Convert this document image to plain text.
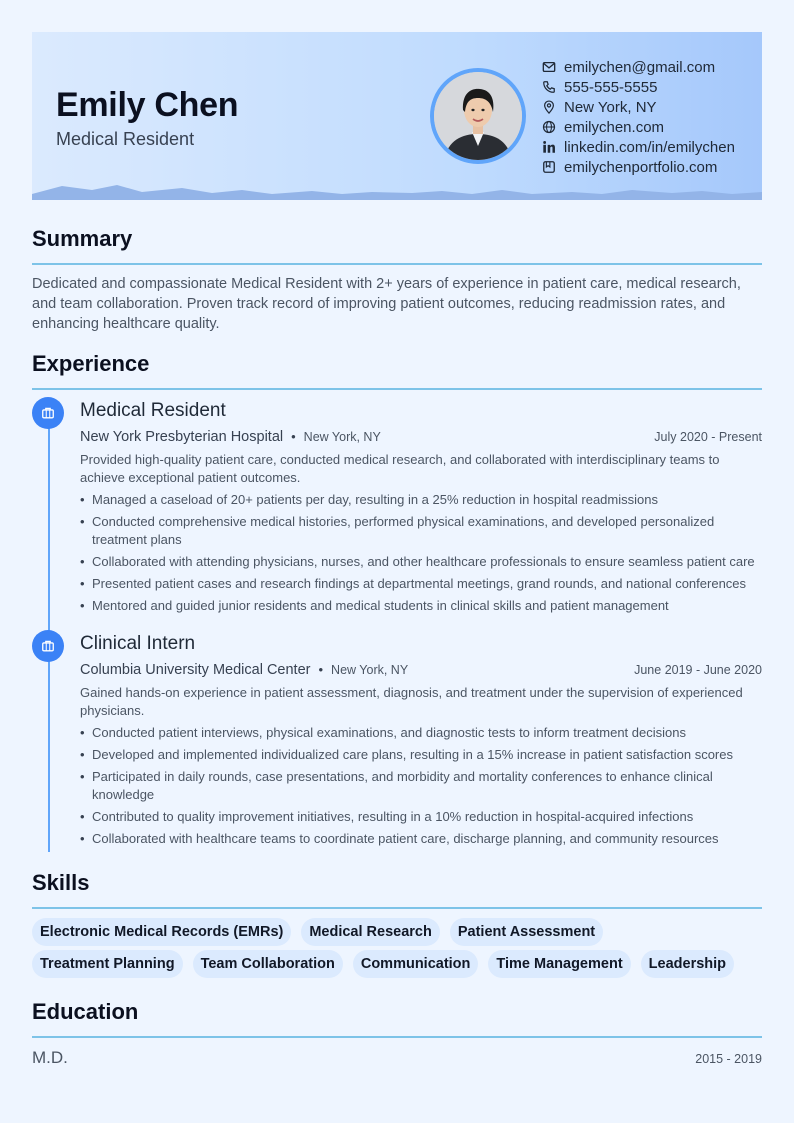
Emily Chen
Medical Resident
emilychen@gmail.com
555-555-5555
New York, NY
emilychen.com
linkedin.com/in/emilychen
emilychenportfolio.com
Summary
Dedicated and compassionate Medical Resident with 2+ years of experience in patient care, medical research, and team collaboration. Proven track record of improving patient outcomes, reducing readmission rates, and enhancing healthcare quality.
Experience
Medical Resident
New York Presbyterian Hospital • New York, NY	July 2020 - Present
Provided high-quality patient care, conducted medical research, and collaborated with interdisciplinary teams to achieve exceptional patient outcomes.
• Managed a caseload of 20+ patients per day, resulting in a 25% reduction in hospital readmissions
• Conducted comprehensive medical histories, performed physical examinations, and developed personalized treatment plans
• Collaborated with attending physicians, nurses, and other healthcare professionals to ensure seamless patient care
• Presented patient cases and research findings at departmental meetings, grand rounds, and national conferences
• Mentored and guided junior residents and medical students in clinical skills and patient management
Clinical Intern
Columbia University Medical Center • New York, NY	June 2019 - June 2020
Gained hands-on experience in patient assessment, diagnosis, and treatment under the supervision of experienced physicians.
• Conducted patient interviews, physical examinations, and diagnostic tests to inform treatment decisions
• Developed and implemented individualized care plans, resulting in a 15% increase in patient satisfaction scores
• Participated in daily rounds, case presentations, and morbidity and mortality conferences to enhance clinical knowledge
• Contributed to quality improvement initiatives, resulting in a 10% reduction in hospital-acquired infections
• Collaborated with healthcare teams to coordinate patient care, discharge planning, and community resources
Skills
Electronic Medical Records (EMRs)	Medical Research	Patient Assessment
Treatment Planning	Team Collaboration	Communication	Time Management	Leadership
Education
M.D.	2015 - 2019
